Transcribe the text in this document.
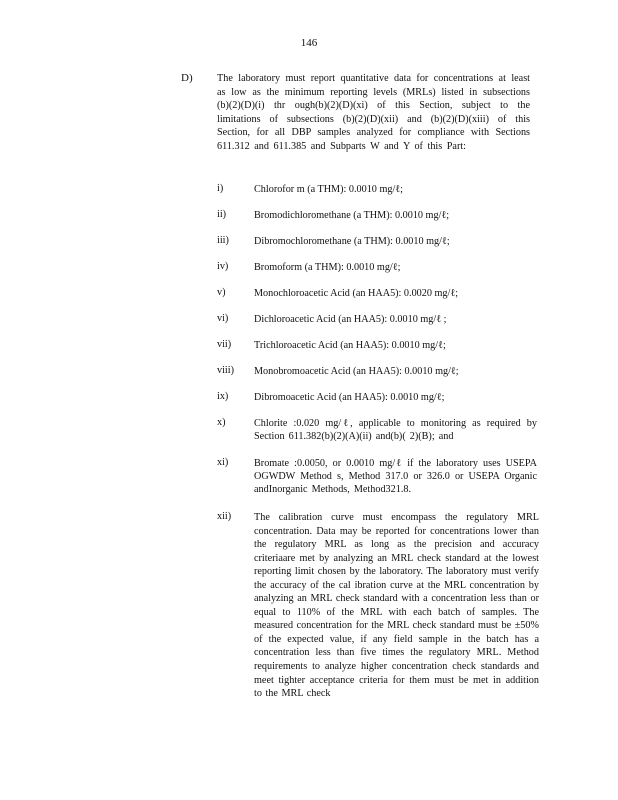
146
D) The laboratory must report quantitative data for concentrations at least as low as the minimum reporting levels (MRLs) listed in subsections (b)(2)(D)(i) thr ough(b)(2)(D)(xi) of this Section, subject to the limitations of subsections (b)(2)(D)(xii) and (b)(2)(D)(xiii) of this Section, for all DBP samples analyzed for compliance with Sections 611.312 and 611.385 and Subparts W and Y of this Part:

i)	Chlorofor m (a THM): 0.0010 mg/ℓ;

ii)	Bromodichloromethane (a THM): 0.0010 mg/ℓ;

iii) Dibromochloromethane (a THM): 0.0010 mg/ℓ;

iv)	Bromoform (a THM): 0.0010 mg/ℓ;

v)	Monochloroacetic Acid (an HAA5): 0.0020 mg/ℓ;

vi)	Dichloroacetic Acid (an HAA5): 0.0010 mg/ℓ ;

vii) Trichloroacetic Acid (an HAA5): 0.0010 mg/ℓ;

viii) Monobromoacetic Acid (an HAA5): 0.0010 mg/ℓ;

ix)	Dibromoacetic Acid (an HAA5): 0.0010 mg/ℓ;

x)	Chlorite :0.020 mg/ℓ, applicable to monitoring as required by Section 611.382(b)(2)(A)(ii) and(b)( 2)(B); and

xi)	Bromate :0.0050, or 0.0010 mg/ℓ if the laboratory uses USEPA OGWDW Method s, Method 317.0 or 326.0 or USEPA Organic andInorganic Methods, Method321.8.

xii) The calibration curve must encompass the regulatory MRL concentration. Data may be reported for concentrations lower than the regulatory MRL as long as the precision and accuracy criteriaare met by analyzing an MRL check standard at the lowest reporting limit chosen by the laboratory. The laboratory must verify the accuracy of the cal ibration curve at the MRL concentration by analyzing an MRL check standard with a concentration less than or equal to 110% of the MRL with each batch of samples. The measured concentration for the MRL check standard must be ±50% of the expected value, if any field sample in the batch has a concentration less than five times the regulatory MRL. Method requirements to analyze higher concentration check standards and meet tighter acceptance criteria for them must be met in addition to the MRL check
